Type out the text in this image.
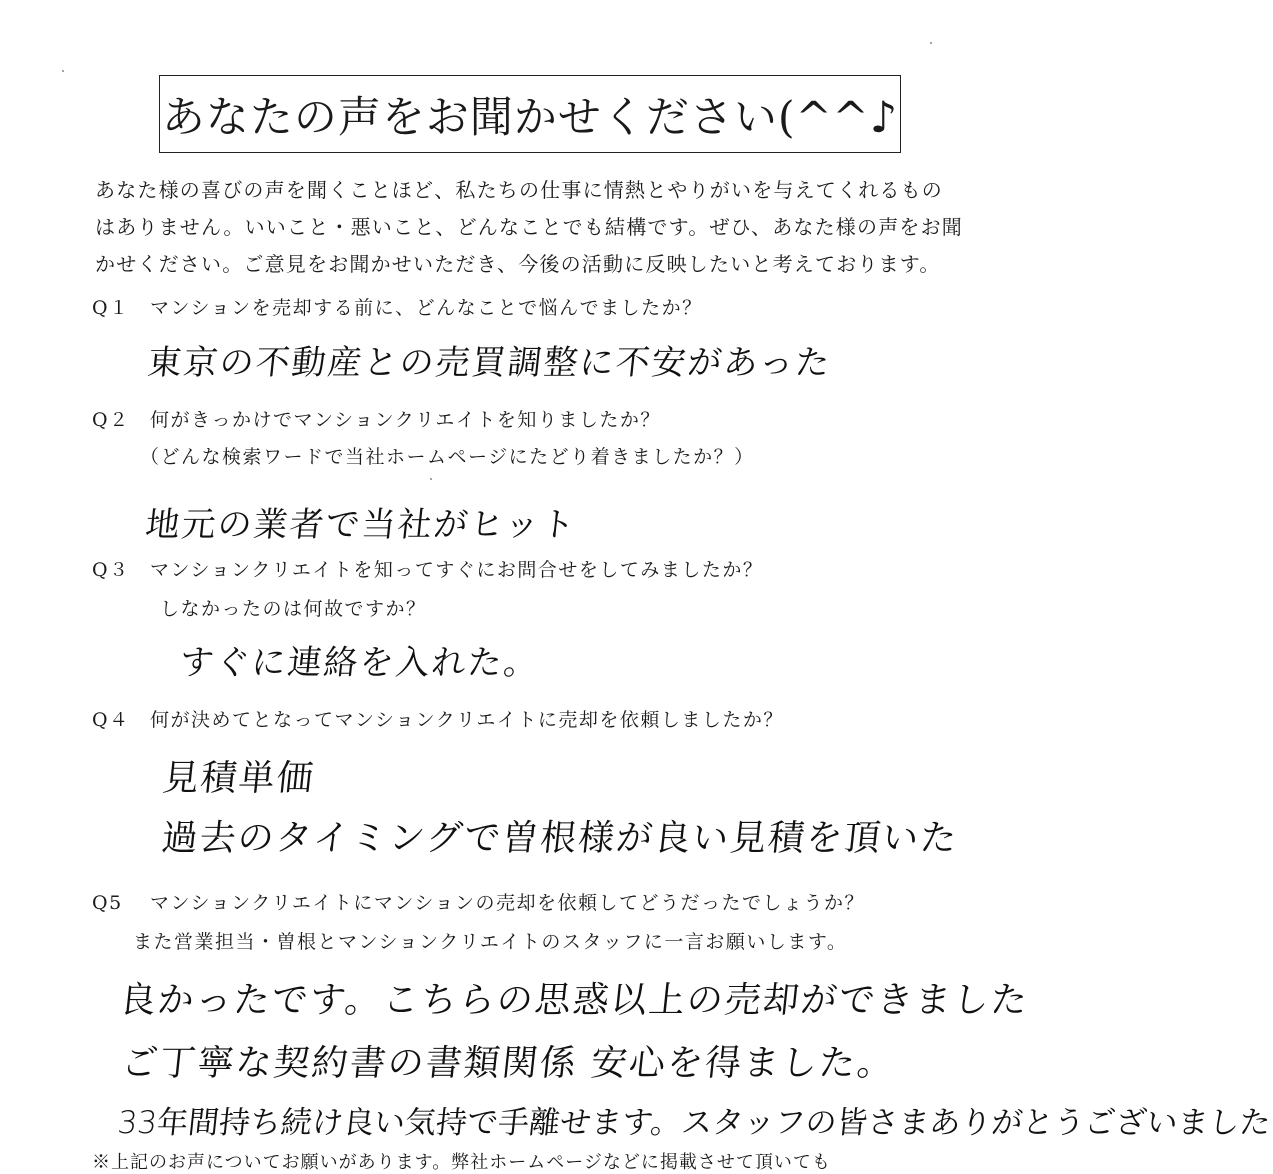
あなたの声をお聞かせください(^^♪
あなた様の喜びの声を聞くことほど、私たちの仕事に情熱とやりがいを与えてくれるもの
はありません。いいこと・悪いこと、どんなことでも結構です。ぜひ、あなた様の声をお聞
かせください。ご意見をお聞かせいただき、今後の活動に反映したいと考えております。
Q１ マンションを売却する前に、どんなことで悩んでましたか？
東京の不動産との売買調整に不安があった
Q２ 何がきっかけでマンションクリエイトを知りましたか？
（どんな検索ワードで当社ホームページにたどり着きましたか？）
地元の業者で当社がヒット
Q３ マンションクリエイトを知ってすぐにお問合せをしてみましたか？
しなかったのは何故ですか？
すぐに連絡を入れた。
Q４ 何が決めてとなってマンションクリエイトに売却を依頼しましたか？
見積単価
過去のタイミングで曽根様が良い見積を頂いた
Q5 マンションクリエイトにマンションの売却を依頼してどうだったでしょうか？
また営業担当・曽根とマンションクリエイトのスタッフに一言お願いします。
良かったです。こちらの思惑以上の売却ができました
ご丁寧な契約書の書類関係 安心を得ました。
33年間持ち続け良い気持で手離せます。スタッフの皆さまありがとうございました
※上記のお声についてお願いがあります。弊社ホームページなどに掲載させて頂いても
